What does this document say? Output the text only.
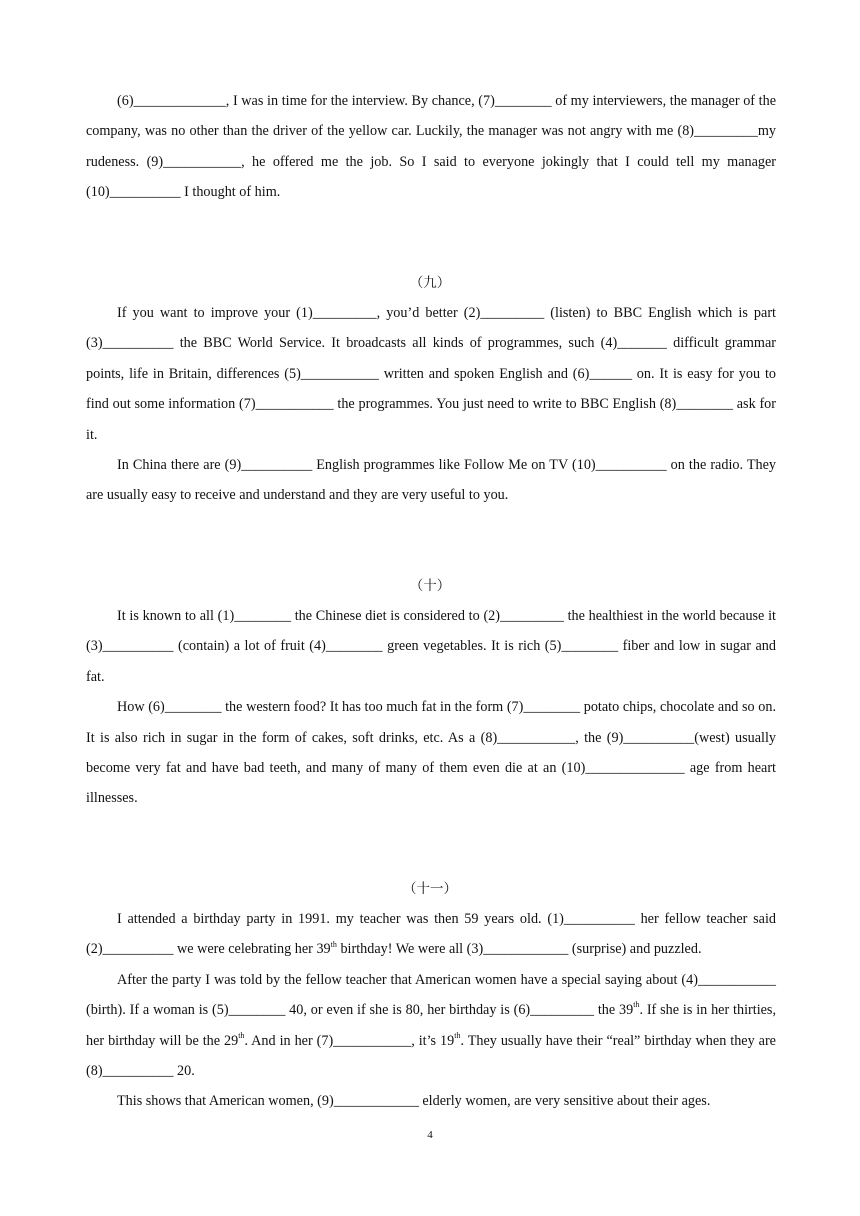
(6)_____________, I was in time for the interview. By chance, (7)________ of my interviewers, the manager of the company, was no other than the driver of the yellow car. Luckily, the manager was not angry with me (8)_________my rudeness. (9)___________, he offered me the job. So I said to everyone jokingly that I could tell my manager (10)__________ I thought of him.

（九）

If you want to improve your (1)_________, you’d better (2)_________ (listen) to BBC English which is part (3)__________ the BBC World Service. It broadcasts all kinds of programmes, such (4)_______ difficult grammar points, life in Britain, differences (5)___________ written and spoken English and (6)______ on. It is easy for you to find out some information (7)___________ the programmes. You just need to write to BBC English (8)________ ask for it.

In China there are (9)__________ English programmes like Follow Me on TV (10)__________ on the radio. They are usually easy to receive and understand and they are very useful to you.

（十）

It is known to all (1)________ the Chinese diet is considered to (2)_________ the healthiest in the world because it (3)__________ (contain) a lot of fruit (4)________ green vegetables. It is rich (5)________ fiber and low in sugar and fat.

How (6)________ the western food? It has too much fat in the form (7)________ potato chips, chocolate and so on. It is also rich in sugar in the form of cakes, soft drinks, etc. As a (8)___________, the (9)__________(west) usually become very fat and have bad teeth, and many of many of them even die at an (10)______________ age from heart illnesses.

（十一）

I attended a birthday party in 1991. my teacher was then 59 years old. (1)__________ her fellow teacher said (2)__________ we were celebrating her 39th birthday! We were all (3)____________ (surprise) and puzzled.

After the party I was told by the fellow teacher that American women have a special saying about (4)___________ (birth). If a woman is (5)________ 40, or even if she is 80, her birthday is (6)_________ the 39th. If she is in her thirties, her birthday will be the 29th. And in her (7)___________, it’s 19th. They usually have their “real” birthday when they are (8)__________ 20.

This shows that American women, (9)____________ elderly women, are very sensitive about their ages.

4
